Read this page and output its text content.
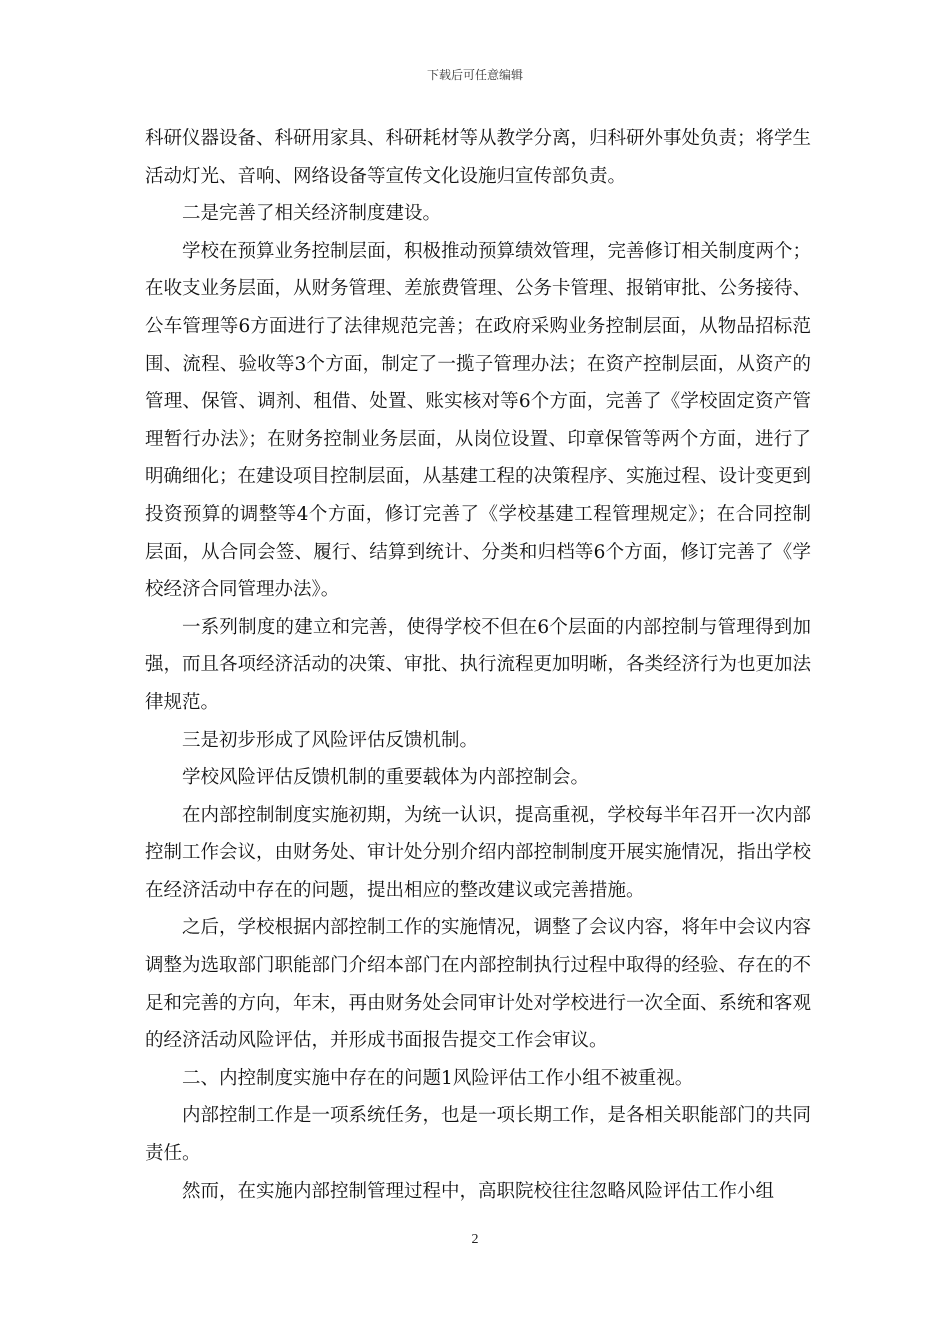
下载后可任意编辑

科研仪器设备、科研用家具、科研耗材等从教学分离，归科研外事处负责；将学生活动灯光、音响、网络设备等宣传文化设施归宣传部负责。

二是完善了相关经济制度建设。

学校在预算业务控制层面，积极推动预算绩效管理，完善修订相关制度两个；在收支业务层面，从财务管理、差旅费管理、公务卡管理、报销审批、公务接待、公车管理等6方面进行了法律规范完善；在政府采购业务控制层面，从物品招标范围、流程、验收等3个方面，制定了一揽子管理办法；在资产控制层面，从资产的管理、保管、调剂、租借、处置、账实核对等6个方面，完善了《学校固定资产管理暂行办法》；在财务控制业务层面，从岗位设置、印章保管等两个方面，进行了明确细化；在建设项目控制层面，从基建工程的决策程序、实施过程、设计变更到投资预算的调整等4个方面，修订完善了《学校基建工程管理规定》；在合同控制层面，从合同会签、履行、结算到统计、分类和归档等6个方面，修订完善了《学校经济合同管理办法》。

一系列制度的建立和完善，使得学校不但在6个层面的内部控制与管理得到加强，而且各项经济活动的决策、审批、执行流程更加明晰，各类经济行为也更加法律规范。

三是初步形成了风险评估反馈机制。

学校风险评估反馈机制的重要载体为内部控制会。

在内部控制制度实施初期，为统一认识，提高重视，学校每半年召开一次内部控制工作会议，由财务处、审计处分别介绍内部控制制度开展实施情况，指出学校在经济活动中存在的问题，提出相应的整改建议或完善措施。

之后，学校根据内部控制工作的实施情况，调整了会议内容，将年中会议内容调整为选取部门职能部门介绍本部门在内部控制执行过程中取得的经验、存在的不足和完善的方向，年末，再由财务处会同审计处对学校进行一次全面、系统和客观的经济活动风险评估，并形成书面报告提交工作会审议。

二、内控制度实施中存在的问题1风险评估工作小组不被重视。

内部控制工作是一项系统任务，也是一项长期工作，是各相关职能部门的共同责任。

然而，在实施内部控制管理过程中，高职院校往往忽略风险评估工作小组

2
